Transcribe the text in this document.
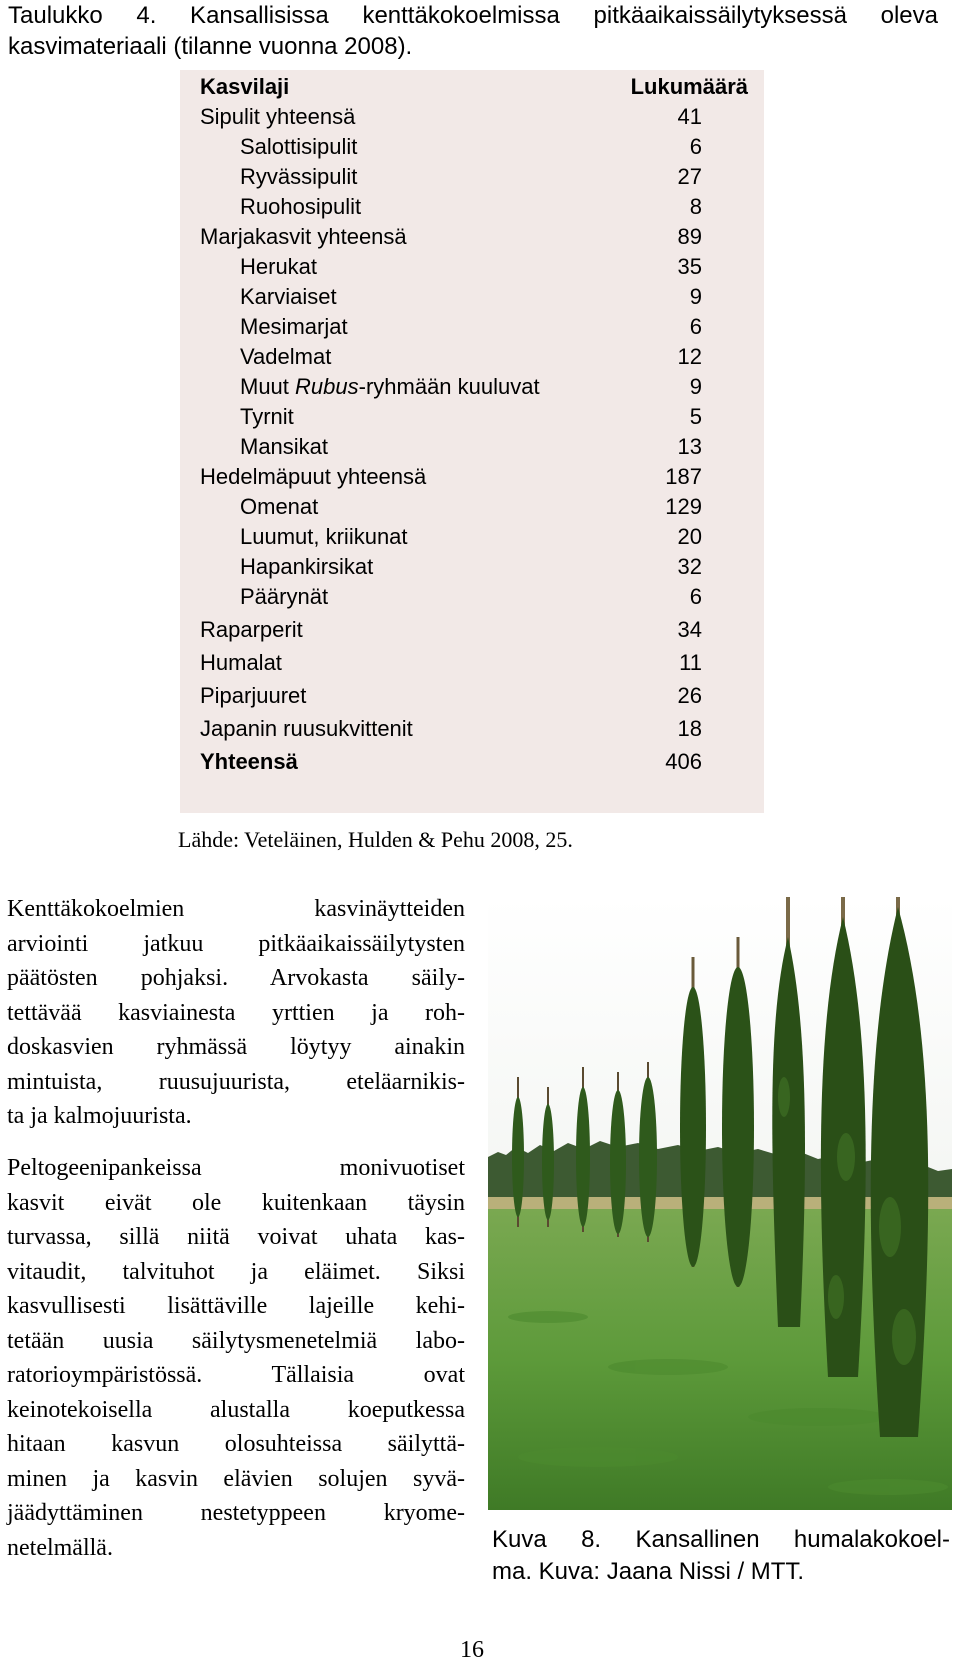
Taulukko 4. Kansallisissa kenttäkokoelmissa pitkäaikaissäilytyksessä oleva
kasvimateriaali (tilanne vuonna 2008).
Kasvilaji	Lukumäärä
Sipulit yhteensä	41
Salottisipulit	6
Ryvässipulit	27
Ruohosipulit	8
Marjakasvit yhteensä	89
Herukat	35
Karviaiset	9
Mesimarjat	6
Vadelmat	12
Muut Rubus-ryhmään kuuluvat	9
Tyrnit	5
Mansikat	13
Hedelmäpuut yhteensä	187
Omenat	129
Luumut, kriikunat	20
Hapankirsikat	32
Päärynät	6
Raparperit	34
Humalat	11
Piparjuuret	26
Japanin ruusukvittenit	18
Yhteensä	406
Lähde: Veteläinen, Hulden & Pehu 2008, 25.
Kenttäkokoelmien kasvinäytteiden
arviointi jatkuu pitkäaikaissäilytysten
päätösten pohjaksi. Arvokasta säily-
tettävää kasviainesta yrttien ja roh-
doskasvien ryhmässä löytyy ainakin
mintuista, ruusujuurista, eteläarnikis-
ta ja kalmojuurista.
Peltogeenipankeissa monivuotiset
kasvit eivät ole kuitenkaan täysin
turvassa, sillä niitä voivat uhata kas-
vitaudit, talvituhot ja eläimet. Siksi
kasvullisesti lisättäville lajeille kehi-
tetään uusia säilytysmenetelmiä labo-
ratorioympäristössä. Tällaisia ovat
keinotekoisella alustalla koeputkessa
hitaan kasvun olosuhteissa säilyttä-
minen ja kasvin elävien solujen syvä-
jäädyttäminen nestetyppeen kryome-
netelmällä.	Kuva 8. Kansallinen humalakokoel-
ma. Kuva: Jaana Nissi / MTT.
16
